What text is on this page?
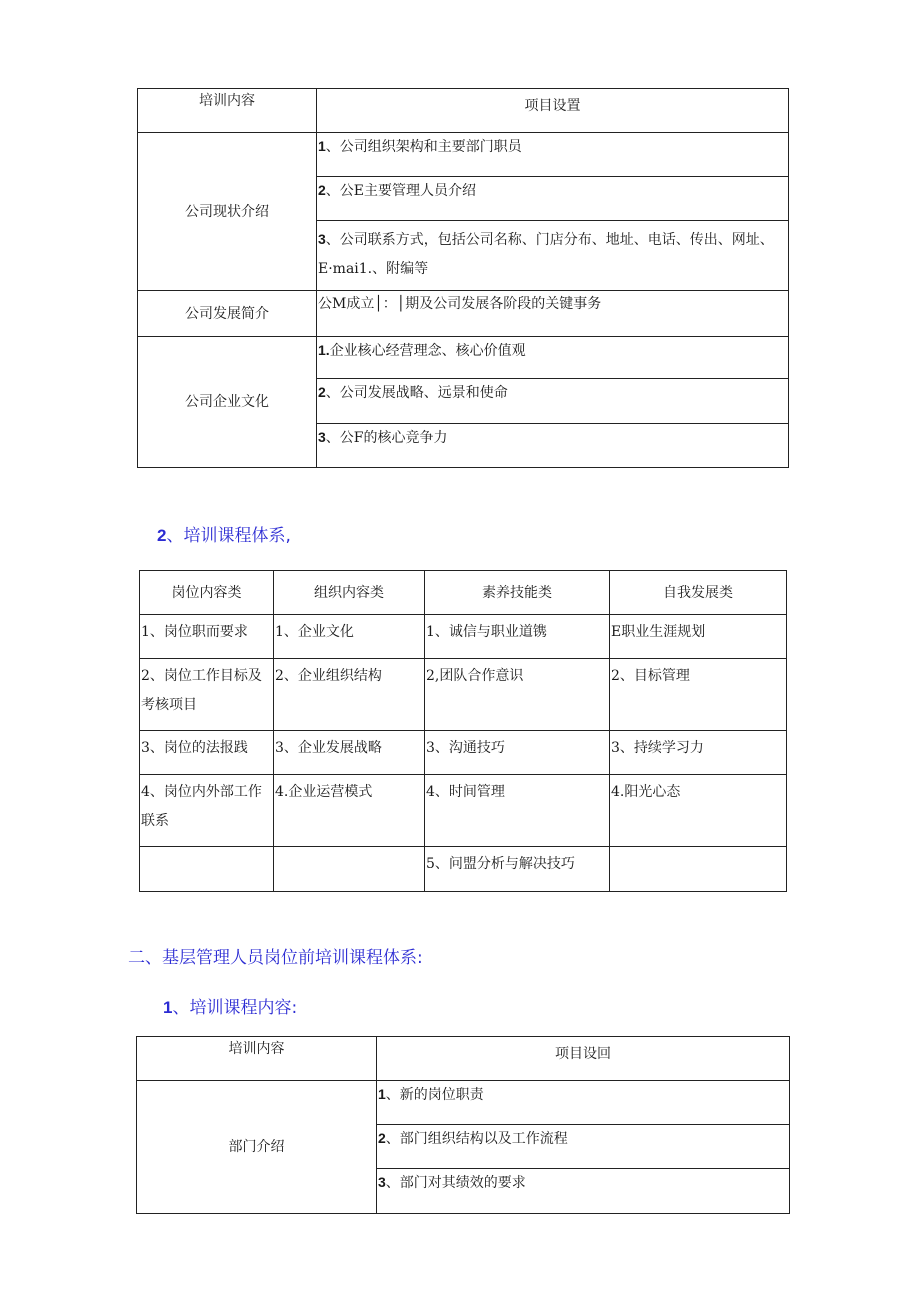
培训内容	项目设置

公司现状介绍	1、公司组织架构和主要部门职员

	2、公E主要管理人员介绍

	3、公司联系方式，包括公司名称、门店分布、地址、电话、传出、网址、E·mai1.、附编等

公司发展简介	公M成立│：│期及公司发展各阶段的关键事务

公司企业文化	1.企业核心经营理念、核心价值观

	2、公司发展战略、远景和使命

	3、公F的核心竞争力
2、培训课程体系,
岗位内容类	组织内容类	素养技能类	自我发展类

1、岗位职而要求	1、企业文化	1、诚信与职业道镌	E职业生涯规划

2、岗位工作目标及考核项目	2、企业组织结构	2,团队合作意识	2、目标管理

3、岗位的法报践	3、企业发展战略	3、沟通技巧	3、持续学习力

4、岗位内外部工作联系	4.企业运营模式	4、时间管理	4.阳光心态

		5、问盟分析与解决技巧	

二、基层管理人员岗位前培训课程体系:
1、培训课程内容:
培训内容	项目设回

部门介绍	1、新的岗位职责

	2、部门组织结构以及工作流程

	3、部门对其绩效的要求
